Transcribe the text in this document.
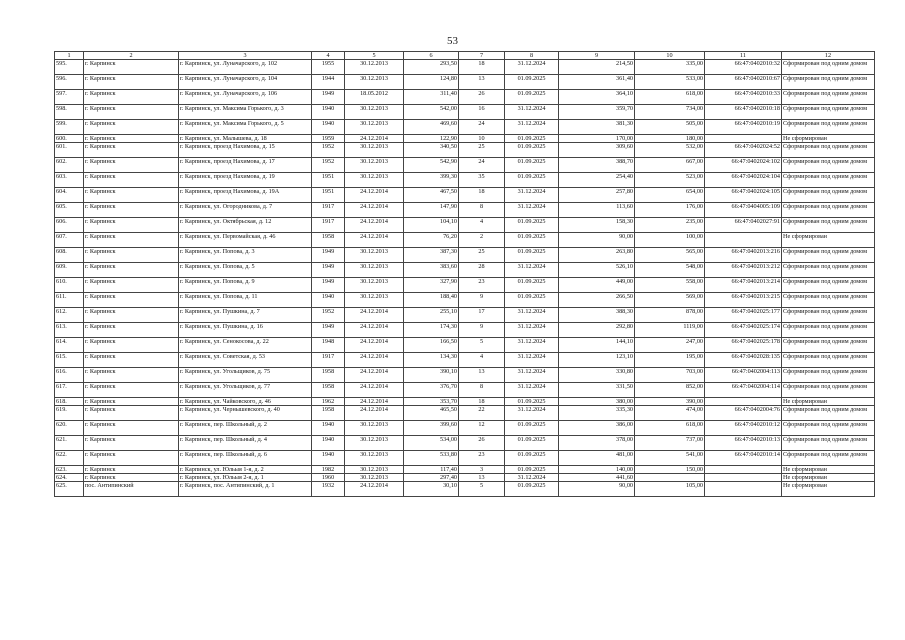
53
1	2	3	4	5	6	7	8	9	10	11	12
595.	г. Карпинск	г. Карпинск, ул. Луначарского, д. 102	1955	30.12.2013	293,50	18	31.12.2024	214,50	335,00	66:47:0402010:32	Сформирован под одним домом
596.	г. Карпинск	г. Карпинск, ул. Луначарского, д. 104	1944	30.12.2013	124,80	13	01.09.2025	361,40	533,00	66:47:0402010:67	Сформирован под одним домом
597.	г. Карпинск	г. Карпинск, ул. Луначарского, д. 106	1949	18.05.2012	311,40	26	01.09.2025	364,10	618,00	66:47:0402010:33	Сформирован под одним домом
598.	г. Карпинск	г. Карпинск, ул. Максима Горького, д. 3	1940	30.12.2013	542,00	16	31.12.2024	359,70	734,00	66:47:0402010:18	Сформирован под одним домом
599.	г. Карпинск	г. Карпинск, ул. Максима Горького, д. 5	1940	30.12.2013	469,60	24	31.12.2024	381,30	505,00	66:47:0402010:19	Сформирован под одним домом
600.	г. Карпинск	г. Карпинск, ул. Малышева, д. 18	1959	24.12.2014	122,90	10	01.09.2025	170,00	180,00		Не сформирован
601.	г. Карпинск	г. Карпинск, проезд Нахимова, д. 15	1952	30.12.2013	340,50	25	01.09.2025	309,60	532,00	66:47:0402024:52	Сформирован под одним домом
602.	г. Карпинск	г. Карпинск, проезд Нахимова, д. 17	1952	30.12.2013	542,90	24	01.09.2025	388,70	667,00	66:47:0402024:102	Сформирован под одним домом
603.	г. Карпинск	г. Карпинск, проезд Нахимова, д. 19	1951	30.12.2013	399,30	35	01.09.2025	254,40	523,00	66:47:0402024:104	Сформирован под одним домом
604.	г. Карпинск	г. Карпинск, проезд Нахимова, д. 19А	1951	24.12.2014	467,50	18	31.12.2024	257,80	654,00	66:47:0402024:105	Сформирован под одним домом
605.	г. Карпинск	г. Карпинск, ул. Огородникова, д. 7	1917	24.12.2014	147,90	8	31.12.2024	113,60	176,00	66:47:0404005:109	Сформирован под одним домом
606.	г. Карпинск	г. Карпинск, ул. Октябрьская, д. 12	1917	24.12.2014	104,10	4	01.09.2025	158,30	235,00	66:47:0402027:91	Сформирован под одним домом
607.	г. Карпинск	г. Карпинск, ул. Первомайская, д. 46	1958	24.12.2014	76,20	2	01.09.2025	90,00	100,00		Не сформирован
608.	г. Карпинск	г. Карпинск, ул. Попова, д. 3	1949	30.12.2013	387,30	25	01.09.2025	263,80	565,00	66:47:0402013:216	Сформирован под одним домом
609.	г. Карпинск	г. Карпинск, ул. Попова, д. 5	1949	30.12.2013	383,60	28	31.12.2024	526,10	548,00	66:47:0402013:212	Сформирован под одним домом
610.	г. Карпинск	г. Карпинск, ул. Попова, д. 9	1949	30.12.2013	327,90	23	01.09.2025	449,00	558,00	66:47:0402013:214	Сформирован под одним домом
611.	г. Карпинск	г. Карпинск, ул. Попова, д. 11	1940	30.12.2013	188,40	9	01.09.2025	266,50	569,00	66:47:0402013:215	Сформирован под одним домом
612.	г. Карпинск	г. Карпинск, ул. Пушкина, д. 7	1952	24.12.2014	255,10	17	31.12.2024	388,30	878,00	66:47:0402025:177	Сформирован под одним домом
613.	г. Карпинск	г. Карпинск, ул. Пушкина, д. 16	1949	24.12.2014	174,30	9	31.12.2024	292,80	1119,00	66:47:0402025:174	Сформирован под одним домом
614.	г. Карпинск	г. Карпинск, ул. Сенокосова, д. 22	1948	24.12.2014	166,50	5	31.12.2024	144,10	247,00	66:47:0402025:178	Сформирован под одним домом
615.	г. Карпинск	г. Карпинск, ул. Советская, д. 53	1917	24.12.2014	134,30	4	31.12.2024	123,10	195,00	66:47:0402028:135	Сформирован под одним домом
616.	г. Карпинск	г. Карпинск, ул. Угольщиков, д. 75	1958	24.12.2014	390,10	13	31.12.2024	330,80	703,00	66:47:0402004:113	Сформирован под одним домом
617.	г. Карпинск	г. Карпинск, ул. Угольщиков, д. 77	1958	24.12.2014	376,70	8	31.12.2024	331,50	852,00	66:47:0402004:114	Сформирован под одним домом
618.	г. Карпинск	г. Карпинск, ул. Чайковского, д. 46	1962	24.12.2014	353,70	18	01.09.2025	380,00	390,00		Не сформирован
619.	г. Карпинск	г. Карпинск, ул. Чернышевского, д. 40	1958	24.12.2014	465,50	22	31.12.2024	335,30	474,00	66:47:0402004:76	Сформирован под одним домом
620.	г. Карпинск	г. Карпинск, пер. Школьный, д. 2	1940	30.12.2013	399,60	12	01.09.2025	386,00	618,00	66:47:0402010:12	Сформирован под одним домом
621.	г. Карпинск	г. Карпинск, пер. Школьный, д. 4	1940	30.12.2013	534,00	26	01.09.2025	378,00	737,00	66:47:0402010:13	Сформирован под одним домом
622.	г. Карпинск	г. Карпинск, пер. Школьный, д. 6	1940	30.12.2013	533,80	23	01.09.2025	481,00	541,00	66:47:0402010:14	Сформирован под одним домом
623.	г. Карпинск	г. Карпинск, ул. Юльыя 1-я, д. 2	1982	30.12.2013	117,40	3	01.09.2025	140,00	150,00		Не сформирован
624.	г. Карпинск	г. Карпинск, ул. Юльыя 2-я, д. 1	1960	30.12.2013	297,40	13	31.12.2024	441,60			Не сформирован
625.	пос. Антипинский	г. Карпинск, пос. Антипинский, д. 1	1932	24.12.2014	30,10	5	01.09.2025	90,00	105,00		Не сформирован
